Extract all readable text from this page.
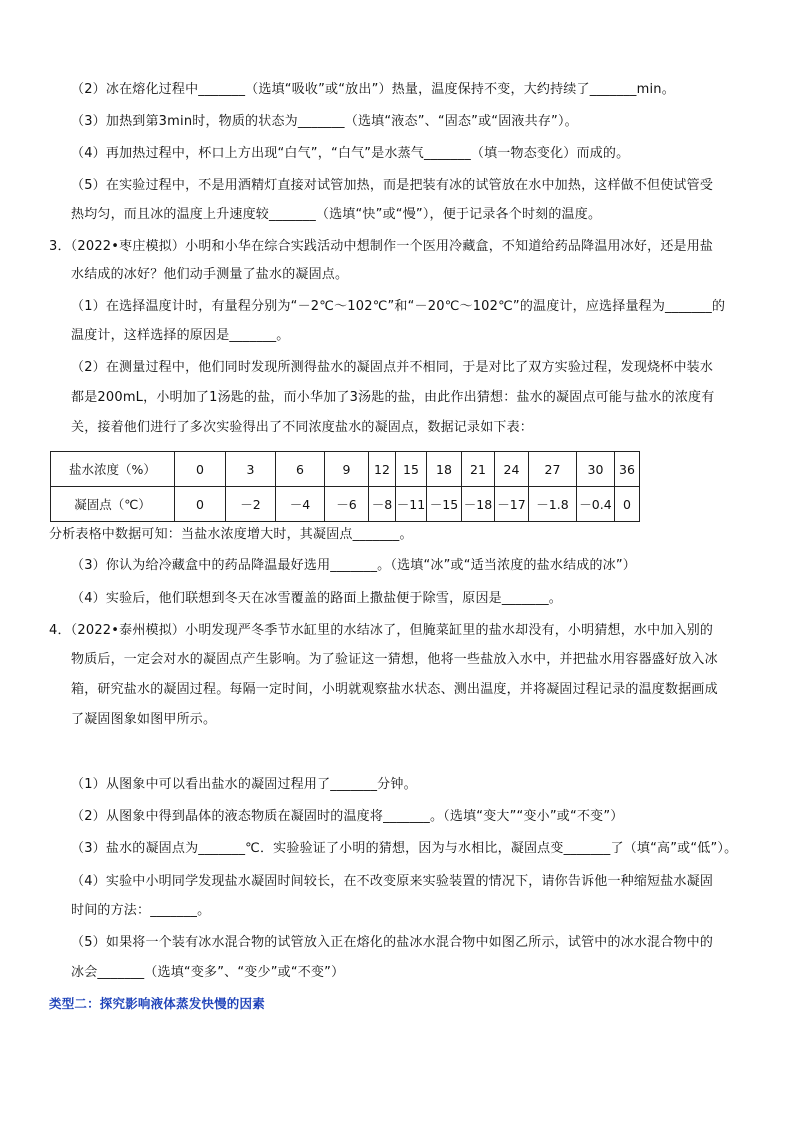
（2）冰在熔化过程中_______（选填“吸收”或“放出”）热量，温度保持不变，大约持续了_______min。
（3）加热到第3min时，物质的状态为_______（选填“液态”、“固态”或“固液共存”）。
（4）再加热过程中，杯口上方出现“白气”，“白气”是水蒸气_______（填一物态变化）而成的。
（5）在实验过程中，不是用酒精灯直接对试管加热，而是把装有冰的试管放在水中加热，这样做不但使试管受
热均匀，而且冰的温度上升速度较_______（选填“快”或“慢”），便于记录各个时刻的温度。
3．（2022•枣庄模拟）小明和小华在综合实践活动中想制作一个医用冷藏盒，不知道给药品降温用冰好，还是用盐
水结成的冰好？他们动手测量了盐水的凝固点。
（1）在选择温度计时，有量程分别为“－2℃～102℃”和“－20℃～102℃”的温度计，应选择量程为_______的
温度计，这样选择的原因是_______。
（2）在测量过程中，他们同时发现所测得盐水的凝固点并不相同，于是对比了双方实验过程，发现烧杯中装水
都是200mL，小明加了1汤匙的盐，而小华加了3汤匙的盐，由此作出猜想：盐水的凝固点可能与盐水的浓度有
关，接着他们进行了多次实验得出了不同浓度盐水的凝固点，数据记录如下表：
盐水浓度（%）	0	3	6	9	12	15	18	21	24	27	30	36
凝固点（℃）	0	－2	－4	－6	－8	－11	－15	－18	－17	－1.8	－0.4	0
分析表格中数据可知：当盐水浓度增大时，其凝固点_______。
（3）你认为给冷藏盒中的药品降温最好选用_______。（选填“冰”或“适当浓度的盐水结成的冰”）
（4）实验后，他们联想到冬天在冰雪覆盖的路面上撒盐便于除雪，原因是_______。
4．（2022•泰州模拟）小明发现严冬季节水缸里的水结冰了，但腌菜缸里的盐水却没有，小明猜想，水中加入别的
物质后，一定会对水的凝固点产生影响。为了验证这一猜想，他将一些盐放入水中，并把盐水用容器盛好放入冰
箱，研究盐水的凝固过程。每隔一定时间，小明就观察盐水状态、测出温度，并将凝固过程记录的温度数据画成
了凝固图象如图甲所示。
（1）从图象中可以看出盐水的凝固过程用了_______分钟。
（2）从图象中得到晶体的液态物质在凝固时的温度将_______。（选填“变大”“变小”或“不变”）
（3）盐水的凝固点为_______℃．实验验证了小明的猜想，因为与水相比，凝固点变_______了（填“高”或“低”）。
（4）实验中小明同学发现盐水凝固时间较长，在不改变原来实验装置的情况下，请你告诉他一种缩短盐水凝固
时间的方法：_______。
（5）如果将一个装有冰水混合物的试管放入正在熔化的盐冰水混合物中如图乙所示，试管中的冰水混合物中的
冰会_______（选填“变多”、“变少”或“不变”）
类型二：探究影响液体蒸发快慢的因素
